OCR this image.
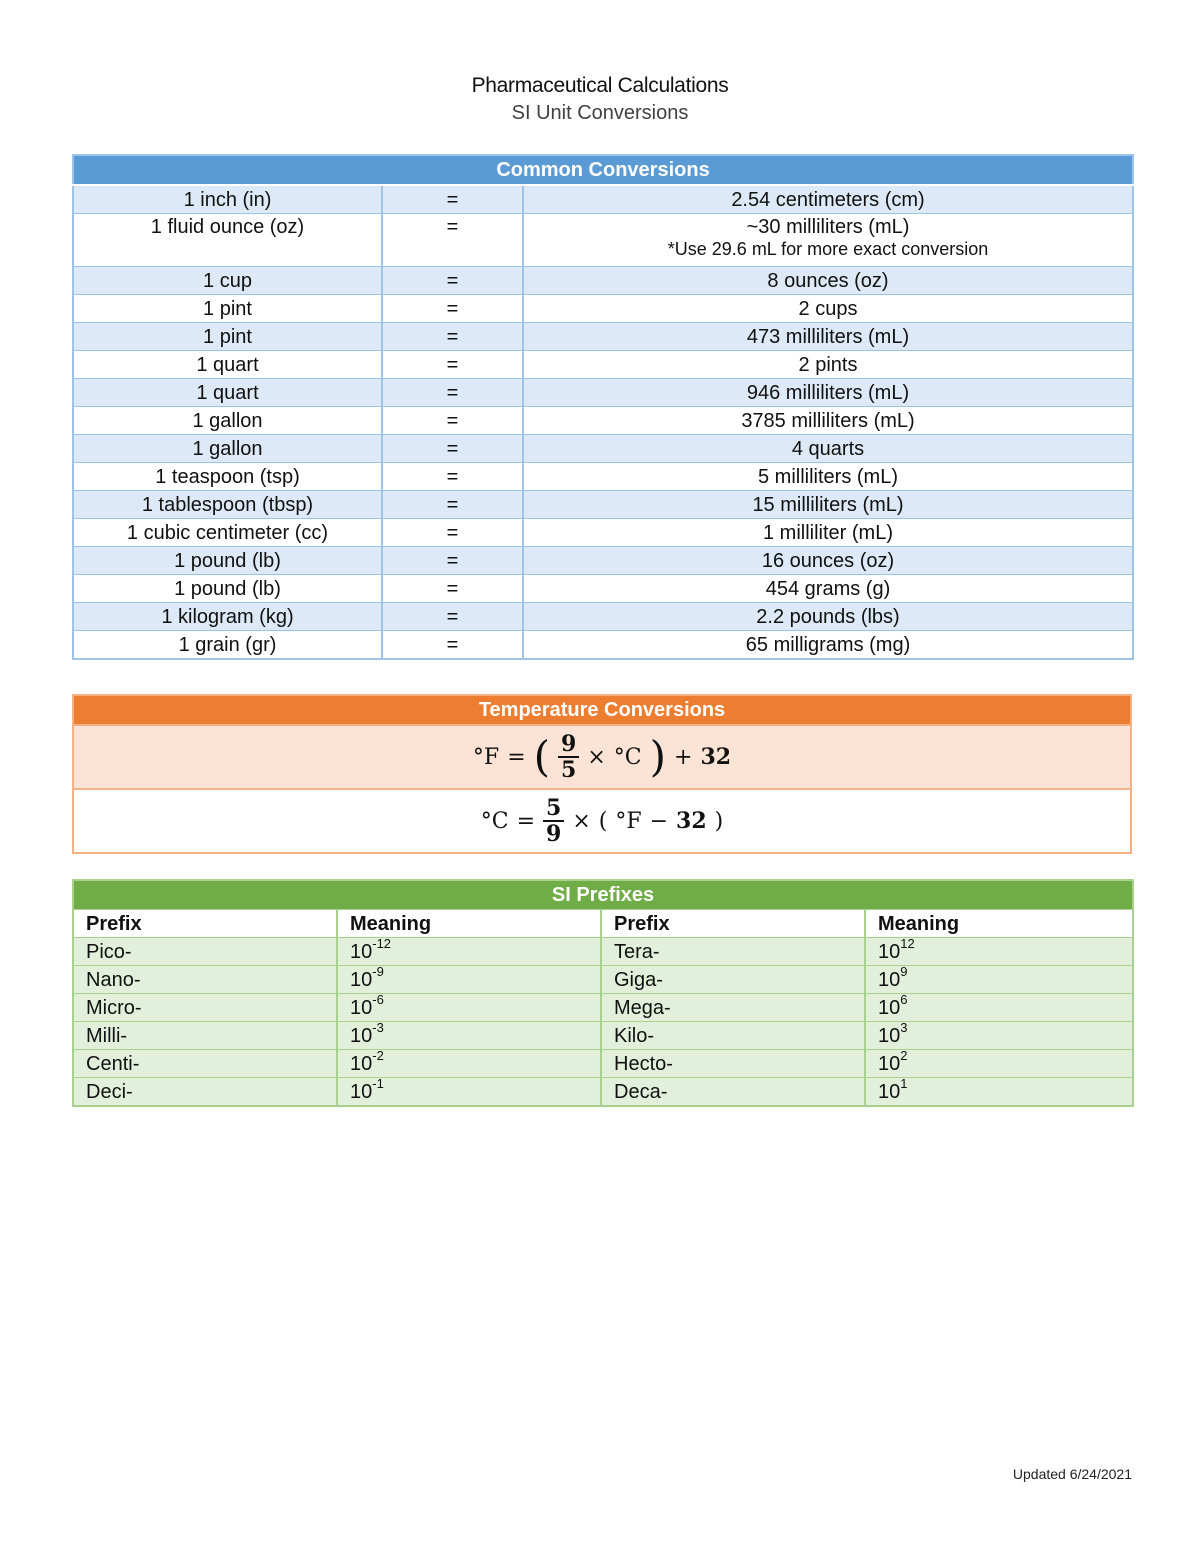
Pharmaceutical Calculations
SI Unit Conversions
Common Conversions		
1 inch (in)	=	2.54 centimeters (cm)
1 fluid ounce (oz)	=	~30 milliliters (mL)
*Use 29.6 mL for more exact conversion

1 cup	=	8 ounces (oz)
1 pint	=	2 cups
1 pint	=	473 milliliters (mL)
1 quart	=	2 pints
1 quart	=	946 milliliters (mL)
1 gallon	=	3785 milliliters (mL)
1 gallon	=	4 quarts
1 teaspoon (tsp)	=	5 milliliters (mL)
1 tablespoon (tbsp)	=	15 milliliters (mL)
1 cubic centimeter (cc)	=	1 milliliter (mL)
1 pound (lb)	=	16 ounces (oz)
1 pound (lb)	=	454 grams (g)
1 kilogram (kg)	=	2.2 pounds (lbs)
1 grain (gr)	=	65 milligrams (mg)
Temperature Conversions

°F = ( $\frac{9}{5} \times ^\circ C$ ) + 32

$^\circ C = \frac{5}{9}$ × ( °F − 32 )
SI Prefixes			
Prefix	Meaning	Prefix	Meaning
Pico-	$10^{-12}$	Tera-	$10^{12}$
Nano-	$10^{-9}$	Giga-	$10^9$
Micro-	$10^{-6}$	Mega-	$10^6$
Milli-	$10^{-3}$	Kilo-	$10^3$
Centi-	$10^{-2}$	Hecto-	$10^2$
Deci-	$10^{-1}$	Deca-	$10^1$
Updated 6/24/2021
